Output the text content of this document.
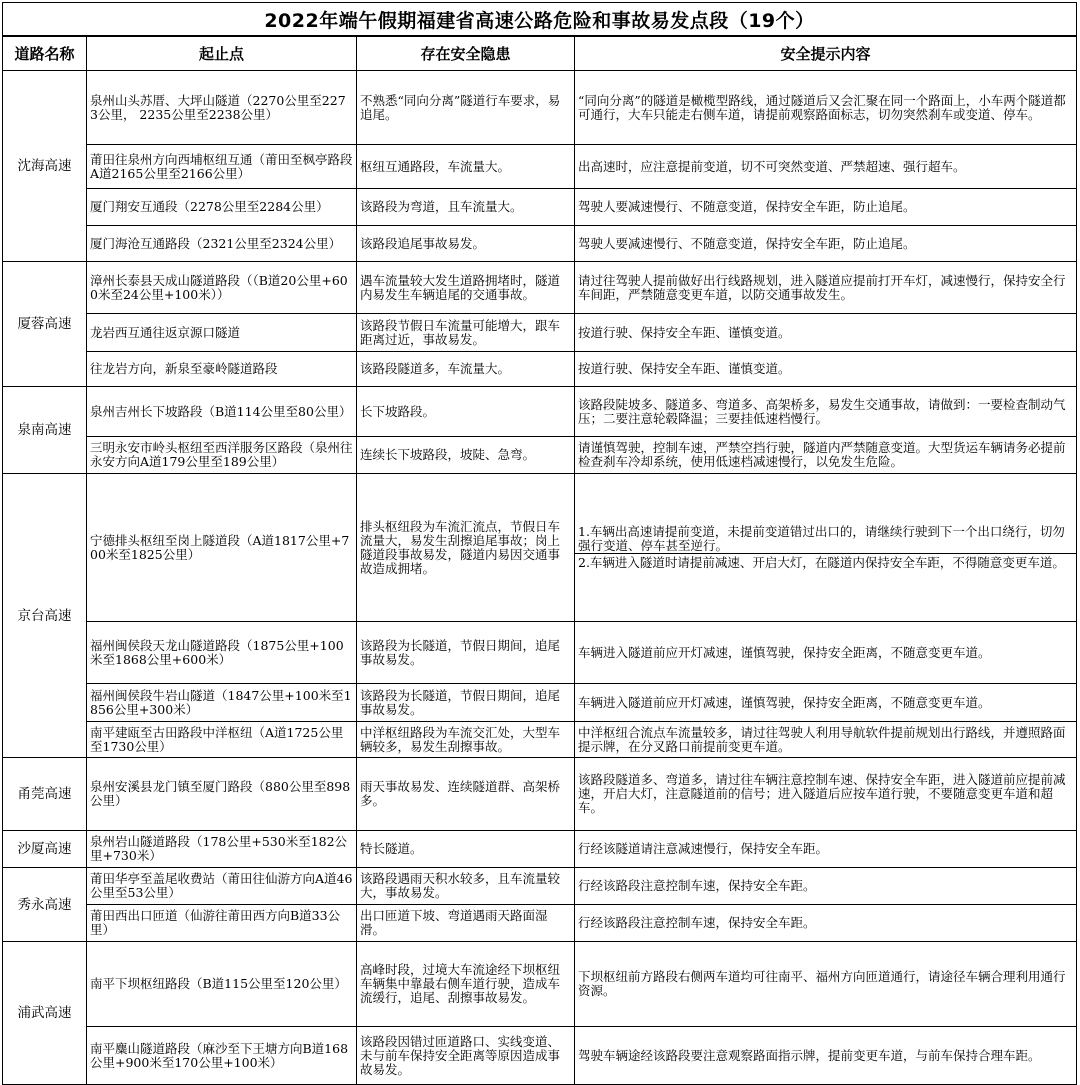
2022年端午假期福建省高速公路危险和事故易发点段（19个）
道路名称	起止点	存在安全隐患	安全提示内容
沈海高速	泉州山头苏厝、大坪山隧道（2270公里至2273公里， 2235公里至2238公里）	不熟悉“同向分离”隧道行车要求，易追尾。	“同向分离”的隧道是橄榄型路线，通过隧道后又会汇聚在同一个路面上，小车两个隧道都可通行，大车只能走右侧车道，请提前观察路面标志，切勿突然刹车或变道、停车。

	莆田往泉州方向西埔枢纽互通（莆田至枫亭路段A道2165公里至2166公里）	枢纽互通路段，车流量大。	出高速时，应注意提前变道，切不可突然变道、严禁超速、强行超车。

	厦门翔安互通段（2278公里至2284公里）	该路段为弯道，且车流量大。	驾驶人要减速慢行、不随意变道，保持安全车距，防止追尾。

	厦门海沧互通路段（2321公里至2324公里）	该路段追尾事故易发。	驾驶人要减速慢行、不随意变道，保持安全车距，防止追尾。

厦蓉高速	漳州长泰县天成山隧道路段（（B道20公里+600米至24公里+100米））	遇车流量较大发生道路拥堵时，隧道内易发生车辆追尾的交通事故。	请过往驾驶人提前做好出行线路规划，进入隧道应提前打开车灯，减速慢行，保持安全行车间距，严禁随意变更车道，以防交通事故发生。

	龙岩西互通往返京源口隧道	该路段节假日车流量可能增大，跟车距离过近，事故易发。	按道行驶、保持安全车距、谨慎变道。

	往龙岩方向，新泉至豪岭隧道路段	该路段隧道多，车流量大。	按道行驶、保持安全车距、谨慎变道。

泉南高速	泉州吉州长下坡路段（B道114公里至80公里）	长下坡路段。	该路段陡坡多、隧道多、弯道多、高架桥多，易发生交通事故，请做到：一要检查制动气压；二要注意轮毂降温；三要挂低速档慢行。

	三明永安市岭头枢纽至西洋服务区路段（泉州往永安方向A道179公里至189公里）	连续长下坡路段，坡陡、急弯。	请谨慎驾驶，控制车速，严禁空挡行驶，隧道内严禁随意变道。大型货运车辆请务必提前检查刹车冷却系统，使用低速档减速慢行，以免发生危险。

京台高速	宁德排头枢纽至岗上隧道段（A道1817公里+700米至1825公里）	排头枢纽段为车流汇流点，节假日车流量大，易发生刮擦追尾事故；岗上隧道段事故易发，隧道内易因交通事故造成拥堵。	1.车辆出高速请提前变道，未提前变道错过出口的，请继续行驶到下一个出口绕行，切勿强行变道、停车甚至逆行。
2.车辆进入隧道时请提前减速、开启大灯，在隧道内保持安全车距，不得随意变更车道。

	福州闽侯段天龙山隧道路段（1875公里+100米至1868公里+600米）	该路段为长隧道，节假日期间，追尾事故易发。	车辆进入隧道前应开灯减速，谨慎驾驶，保持安全距离，不随意变更车道。

	福州闽侯段牛岩山隧道（1847公里+100米至1856公里+300米）	该路段为长隧道，节假日期间，追尾事故易发。	车辆进入隧道前应开灯减速，谨慎驾驶，保持安全距离，不随意变更车道。

	南平建瓯至古田路段中洋枢纽（A道1725公里至1730公里）	中洋枢纽路段为车流交汇处，大型车辆较多，易发生刮擦事故。	中洋枢纽合流点车流量较多，请过往驾驶人利用导航软件提前规划出行路线，并遵照路面提示牌，在分叉路口前提前变更车道。

甬莞高速	泉州安溪县龙门镇至厦门路段（880公里至898公里）	雨天事故易发、连续隧道群、高架桥多。	该路段隧道多、弯道多，请过往车辆注意控制车速、保持安全车距，进入隧道前应提前减速，开启大灯，注意隧道前的信号；进入隧道后应按车道行驶，不要随意变更车道和超车。

沙厦高速	泉州岩山隧道路段（178公里+530米至182公里+730米）	特长隧道。	行经该隧道请注意减速慢行，保持安全车距。

秀永高速	莆田华亭至盖尾收费站（莆田往仙游方向A道46公里至53公里）	该路段遇雨天积水较多，且车流量较大，事故易发。	行经该路段注意控制车速，保持安全车距。

	莆田西出口匝道（仙游往莆田西方向B道33公里）	出口匝道下坡、弯道遇雨天路面湿滑。	行经该路段注意控制车速，保持安全车距。

浦武高速	南平下坝枢纽路段（B道115公里至120公里）	高峰时段，过境大车流途经下坝枢纽车辆集中靠最右侧车道行驶，造成车流缓行，追尾、刮擦事故易发。	下坝枢纽前方路段右侧两车道均可往南平、福州方向匝道通行，请途径车辆合理利用通行资源。

	南平麋山隧道路段（麻沙至下王塘方向B道168公里+900米至170公里+100米）	该路段因错过匝道路口、实线变道、未与前车保持安全距离等原因造成事故易发。	驾驶车辆途经该路段要注意观察路面指示牌，提前变更车道，与前车保持合理车距。
